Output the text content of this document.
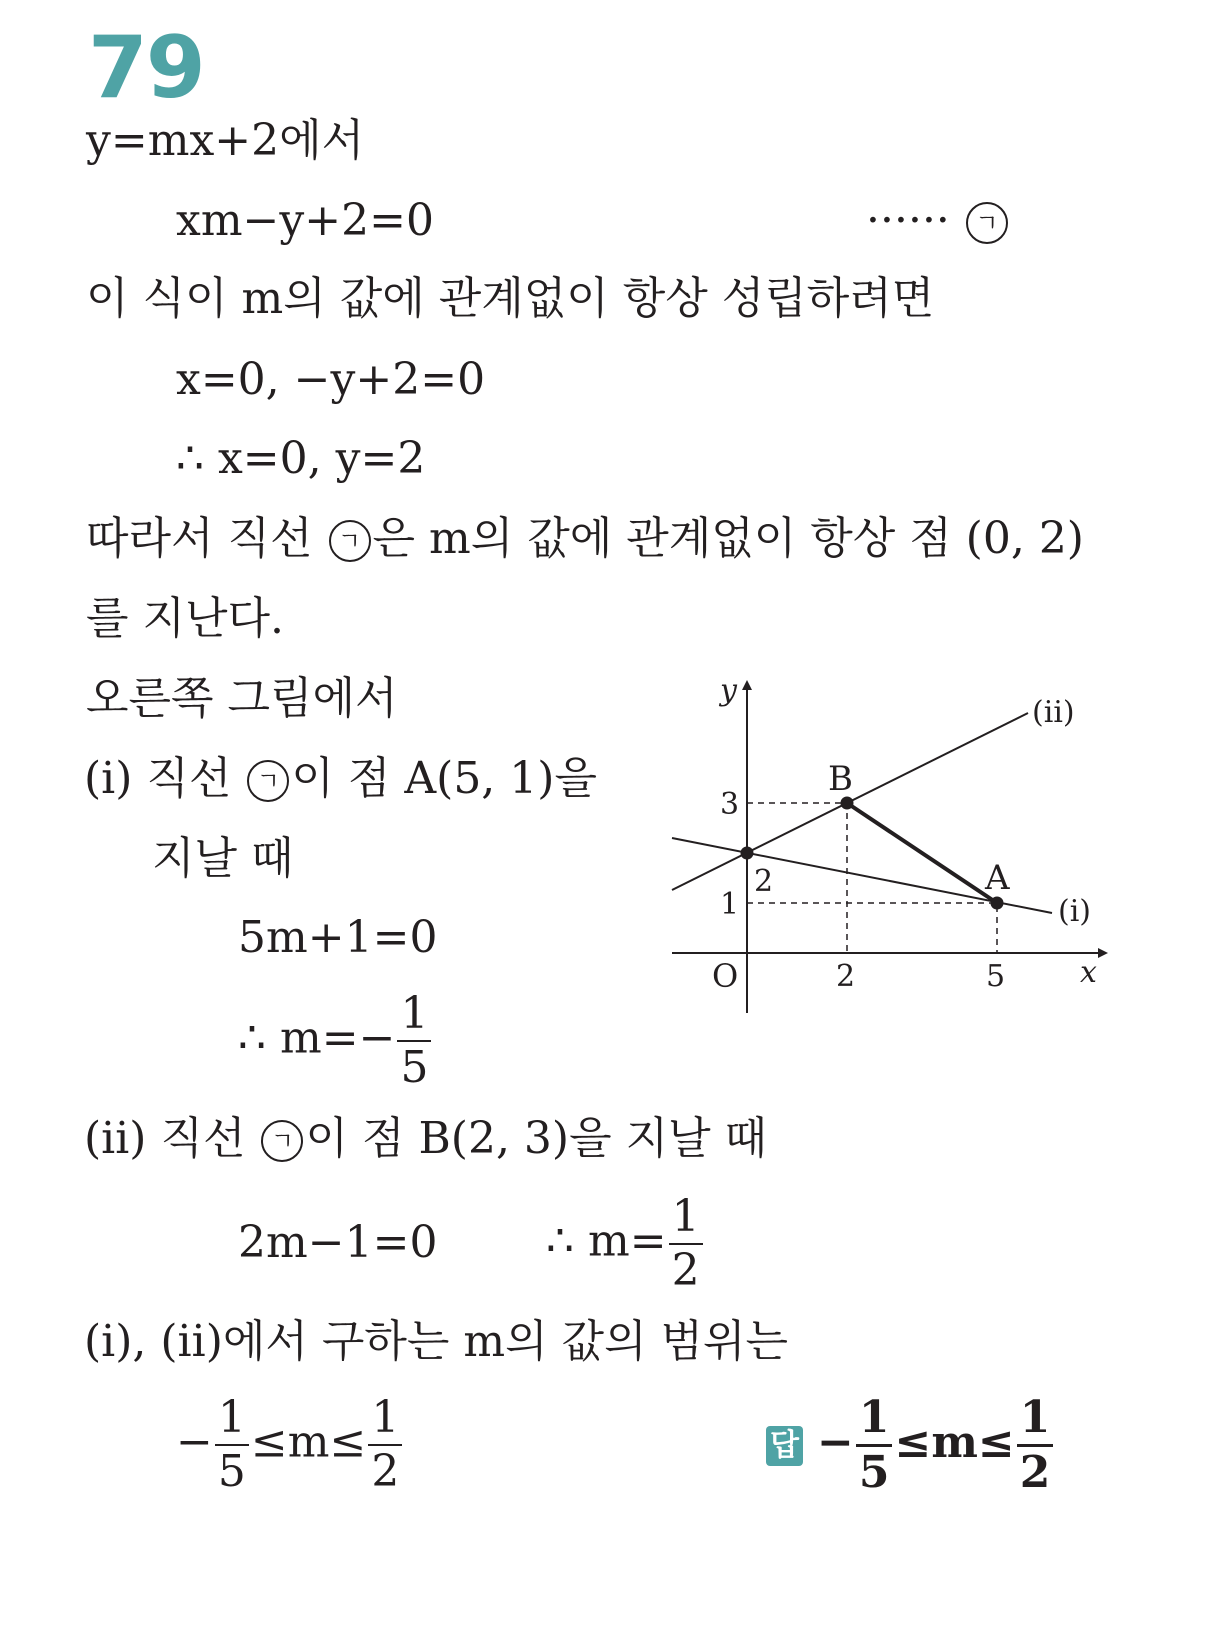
79
y=mx+2에서
xm−y+2=0	······ ㄱ
이 식이 m의 값에 관계없이 항상 성립하려면
x=0, −y+2=0
∴ x=0, y=2
따라서 직선 ㄱ 은 m의 값에 관계없이 항상 점 (0, 2)
를 지난다.
오른쪽 그림에서
(ⅰ) 직선 ㄱ 이 점 A(5, 1)을
지날 때
5m+1=0
∴ $m=- \frac{1}{5}$
(ⅱ) 직선 ㄱ 이 점 B(2, 3)을 지날 때
2m−1=0 ∴ $m= \frac{1}{2}$
(ⅰ), (ⅱ)에서 구하는 m의 값의 범위는
− $\frac{1}{5} \le m\le \frac{1}{2}$	답 − $\frac{1}{5} \le m\le \frac{1}{2}$
y
x
O
B
A
2
3
1
2	5
(ⅱ)
(ⅰ)
